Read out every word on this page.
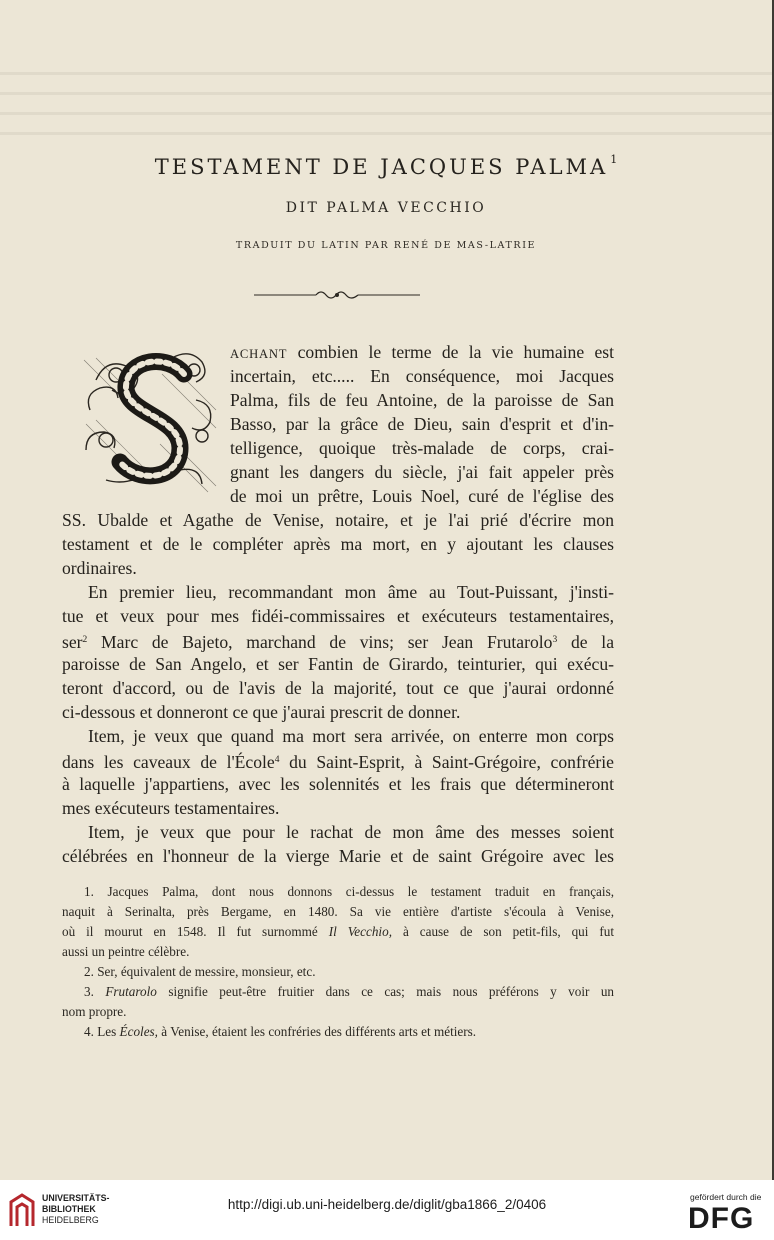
TESTAMENT DE JACQUES PALMA $^1$
DIT PALMA VECCHIO
TRADUIT DU LATIN PAR RENÉ DE MAS-LATRIE
ACHANT combien le terme de la vie humaine est
incertain, etc..... En conséquence, moi Jacques
Palma, fils de feu Antoine, de la paroisse de San
Basso, par la grâce de Dieu, sain d'esprit et d'in-
telligence, quoique très-malade de corps, crai-
gnant les dangers du siècle, j'ai fait appeler près
de moi un prêtre, Louis Noel, curé de l'église des
SS. Ubalde et Agathe de Venise, notaire, et je l'ai prié d'écrire mon
testament et de le compléter après ma mort, en y ajoutant les clauses
ordinaires.
En premier lieu, recommandant mon âme au Tout-Puissant, j'insti-
tue et veux pour mes fidéi-commissaires et exécuteurs testamentaires,
ser$^2$ Marc de Bajeto, marchand de vins; ser Jean Frutarolo$^3$ de la
paroisse de San Angelo, et ser Fantin de Girardo, teinturier, qui exécu-
teront d'accord, ou de l'avis de la majorité, tout ce que j'aurai ordonné
ci-dessous et donneront ce que j'aurai prescrit de donner.
Item, je veux que quand ma mort sera arrivée, on enterre mon corps
dans les caveaux de l'École$^4$ du Saint-Esprit, à Saint-Grégoire, confrérie
à laquelle j'appartiens, avec les solennités et les frais que détermineront
mes exécuteurs testamentaires.
Item, je veux que pour le rachat de mon âme des messes soient
célébrées en l'honneur de la vierge Marie et de saint Grégoire avec les
1. Jacques Palma, dont nous donnons ci-dessus le testament traduit en français,
naquit à Serinalta, près Bergame, en 1480. Sa vie entière d'artiste s'écoula à Venise,
où il mourut en 1548. Il fut surnommé Il Vecchio, à cause de son petit-fils, qui fut
aussi un peintre célèbre.
2. Ser, équivalent de messire, monsieur, etc.
3. Frutarolo signifie peut-être fruitier dans ce cas; mais nous préférons y voir un
nom propre.
4. Les Écoles, à Venise, étaient les confréries des différents arts et métiers.
UNIVERSITÄTS-
BIBLIOTHEK
HEIDELBERG
http://digi.ub.uni-heidelberg.de/diglit/gba1866_2/0406	gefördert durch die
DFG
